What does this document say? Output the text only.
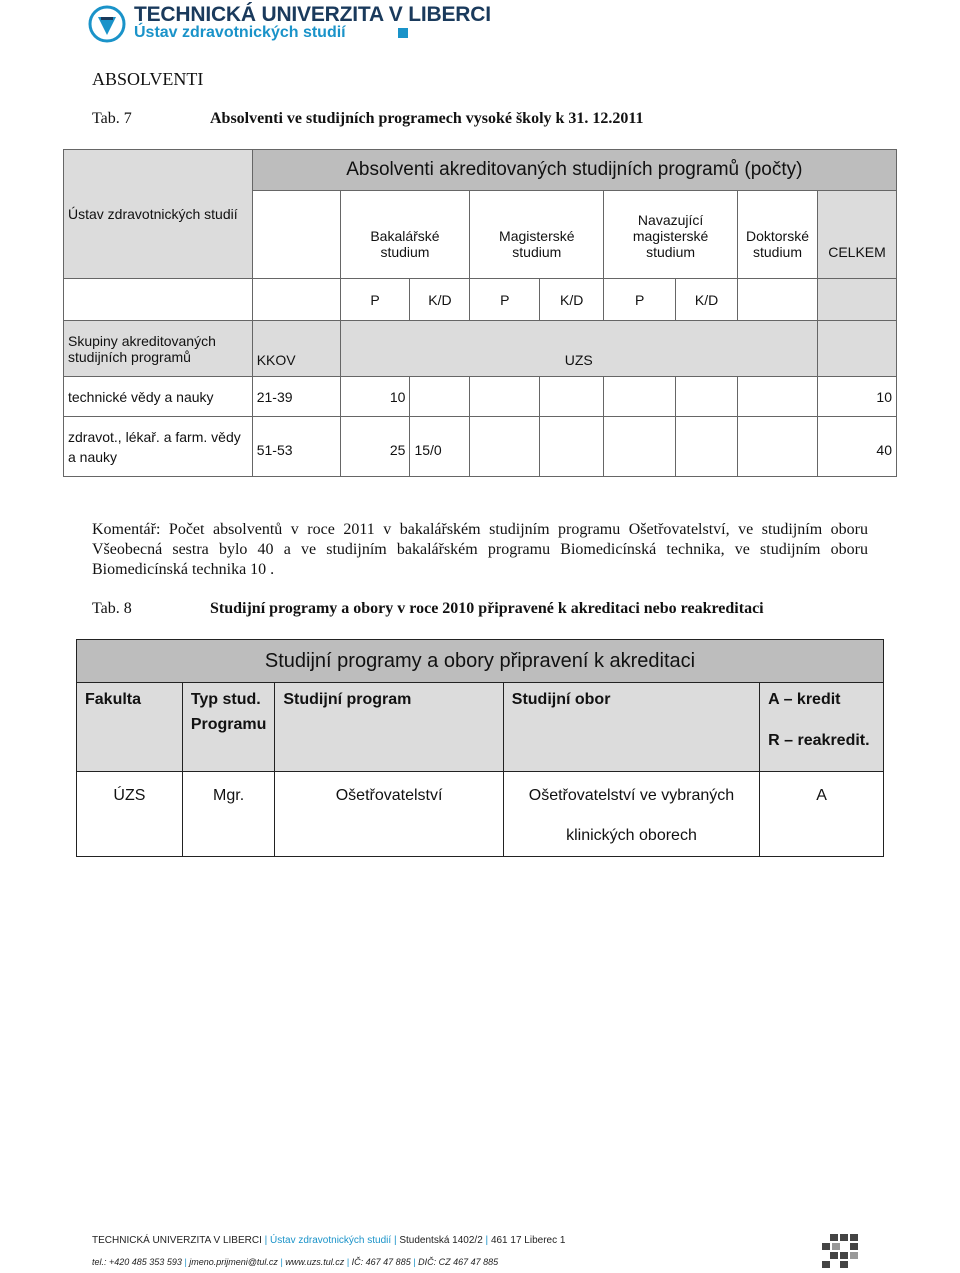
TECHNICKÁ UNIVERZITA V LIBERCI
Ústav zdravotnických studií
ABSOLVENTI
Tab. 7	Absolventi ve studijních programech vysoké školy k 31. 12.2011
Ústav zdravotnických studií	Absolventi akreditovaných studijních programů (počty)								
		Bakalářské studium		Magisterské studium		Navazující magisterské studium		Doktorské studium	CELKEM
		P	K/D	P	K/D	P	K/D		
Skupiny akreditovaných studijních programů	KKOV	UZS							
technické vědy a nauky	21-39	10							10
zdravot., lékař. a farm. vědy a nauky	51-53	25	15/0						40
Komentář: Počet absolventů v roce 2011 v bakalářském studijním programu Ošetřovatelství, ve studijním oboru Všeobecná sestra bylo 40 a ve studijním bakalářském programu Biomedicínská technika, ve studijním oboru Biomedicínská technika 10 .
Tab. 8	Studijní programy a obory v roce 2010 připravené k akreditaci nebo reakreditaci
Studijní programy a obory připravení k akreditaci				
Fakulta	Typ stud. Programu	Studijní program	Studijní obor	A – kredit
R – reakredit.

ÚZS	Mgr.	Ošetřovatelství	Ošetřovatelství ve vybraných klinických oborech	A
TECHNICKÁ UNIVERZITA V LIBERCI | Ústav zdravotnických studií | Studentská 1402/2 | 461 17 Liberec 1
tel.: +420 485 353 593 | jmeno.prijmeni@tul.cz | www.uzs.tul.cz | IČ: 467 47 885 | DIČ: CZ 467 47 885
